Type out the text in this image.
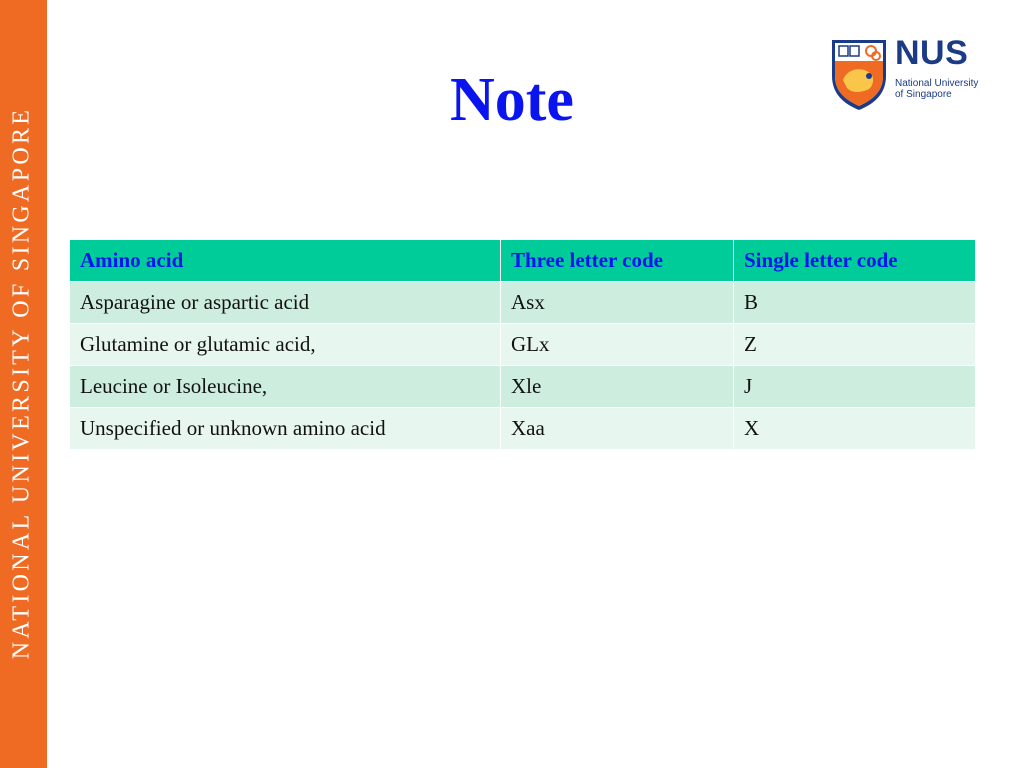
NATIONAL UNIVERSITY OF SINGAPORE
Note
NUS
National University
of Singapore
Amino acid	Three letter code	Single letter code
Asparagine or aspartic acid	Asx	B
Glutamine or glutamic acid,	GLx	Z
Leucine or Isoleucine,	Xle	J
Unspecified or unknown amino acid	Xaa	X
